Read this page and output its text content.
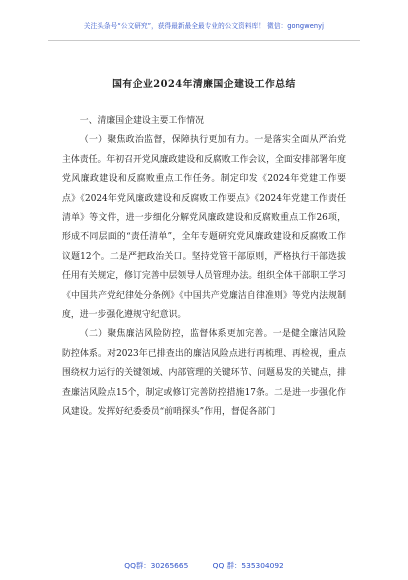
关注头条号“公文研究”，获得最新最全最专业的公文资料库！ 微信：gongwenyj
国有企业2024年清廉国企建设工作总结

一、清廉国企建设主要工作情况

（一）聚焦政治监督，保障执行更加有力。一是落实全面从严治党主体责任。年初召开党风廉政建设和反腐败工作会议，全面安排部署年度党风廉政建设和反腐败重点工作任务。制定印发《2024年党建工作要点》《2024年党风廉政建设和反腐败工作要点》《2024年党建工作责任清单》等文件，进一步细化分解党风廉政建设和反腐败重点工作26项，形成不同层面的“责任清单”，全年专题研究党风廉政建设和反腐败工作议题12个。二是严把政治关口。坚持党管干部原则，严格执行干部选拔任用有关规定，修订完善中层领导人员管理办法。组织全体干部职工学习《中国共产党纪律处分条例》《中国共产党廉洁自律准则》等党内法规制度，进一步强化遵规守纪意识。

（二）聚焦廉洁风险防控，监督体系更加完善。一是健全廉洁风险防控体系。对2023年已排查出的廉洁风险点进行再梳理、再检视，重点围绕权力运行的关键领域、内部管理的关键环节、问题易发的关键点，排查廉洁风险点15个，制定或修订完善防控措施17条。二是进一步强化作风建设。发挥好纪委委员“前哨探头”作用，督促各部门

QQ群：30265665	QQ 群：535304092
